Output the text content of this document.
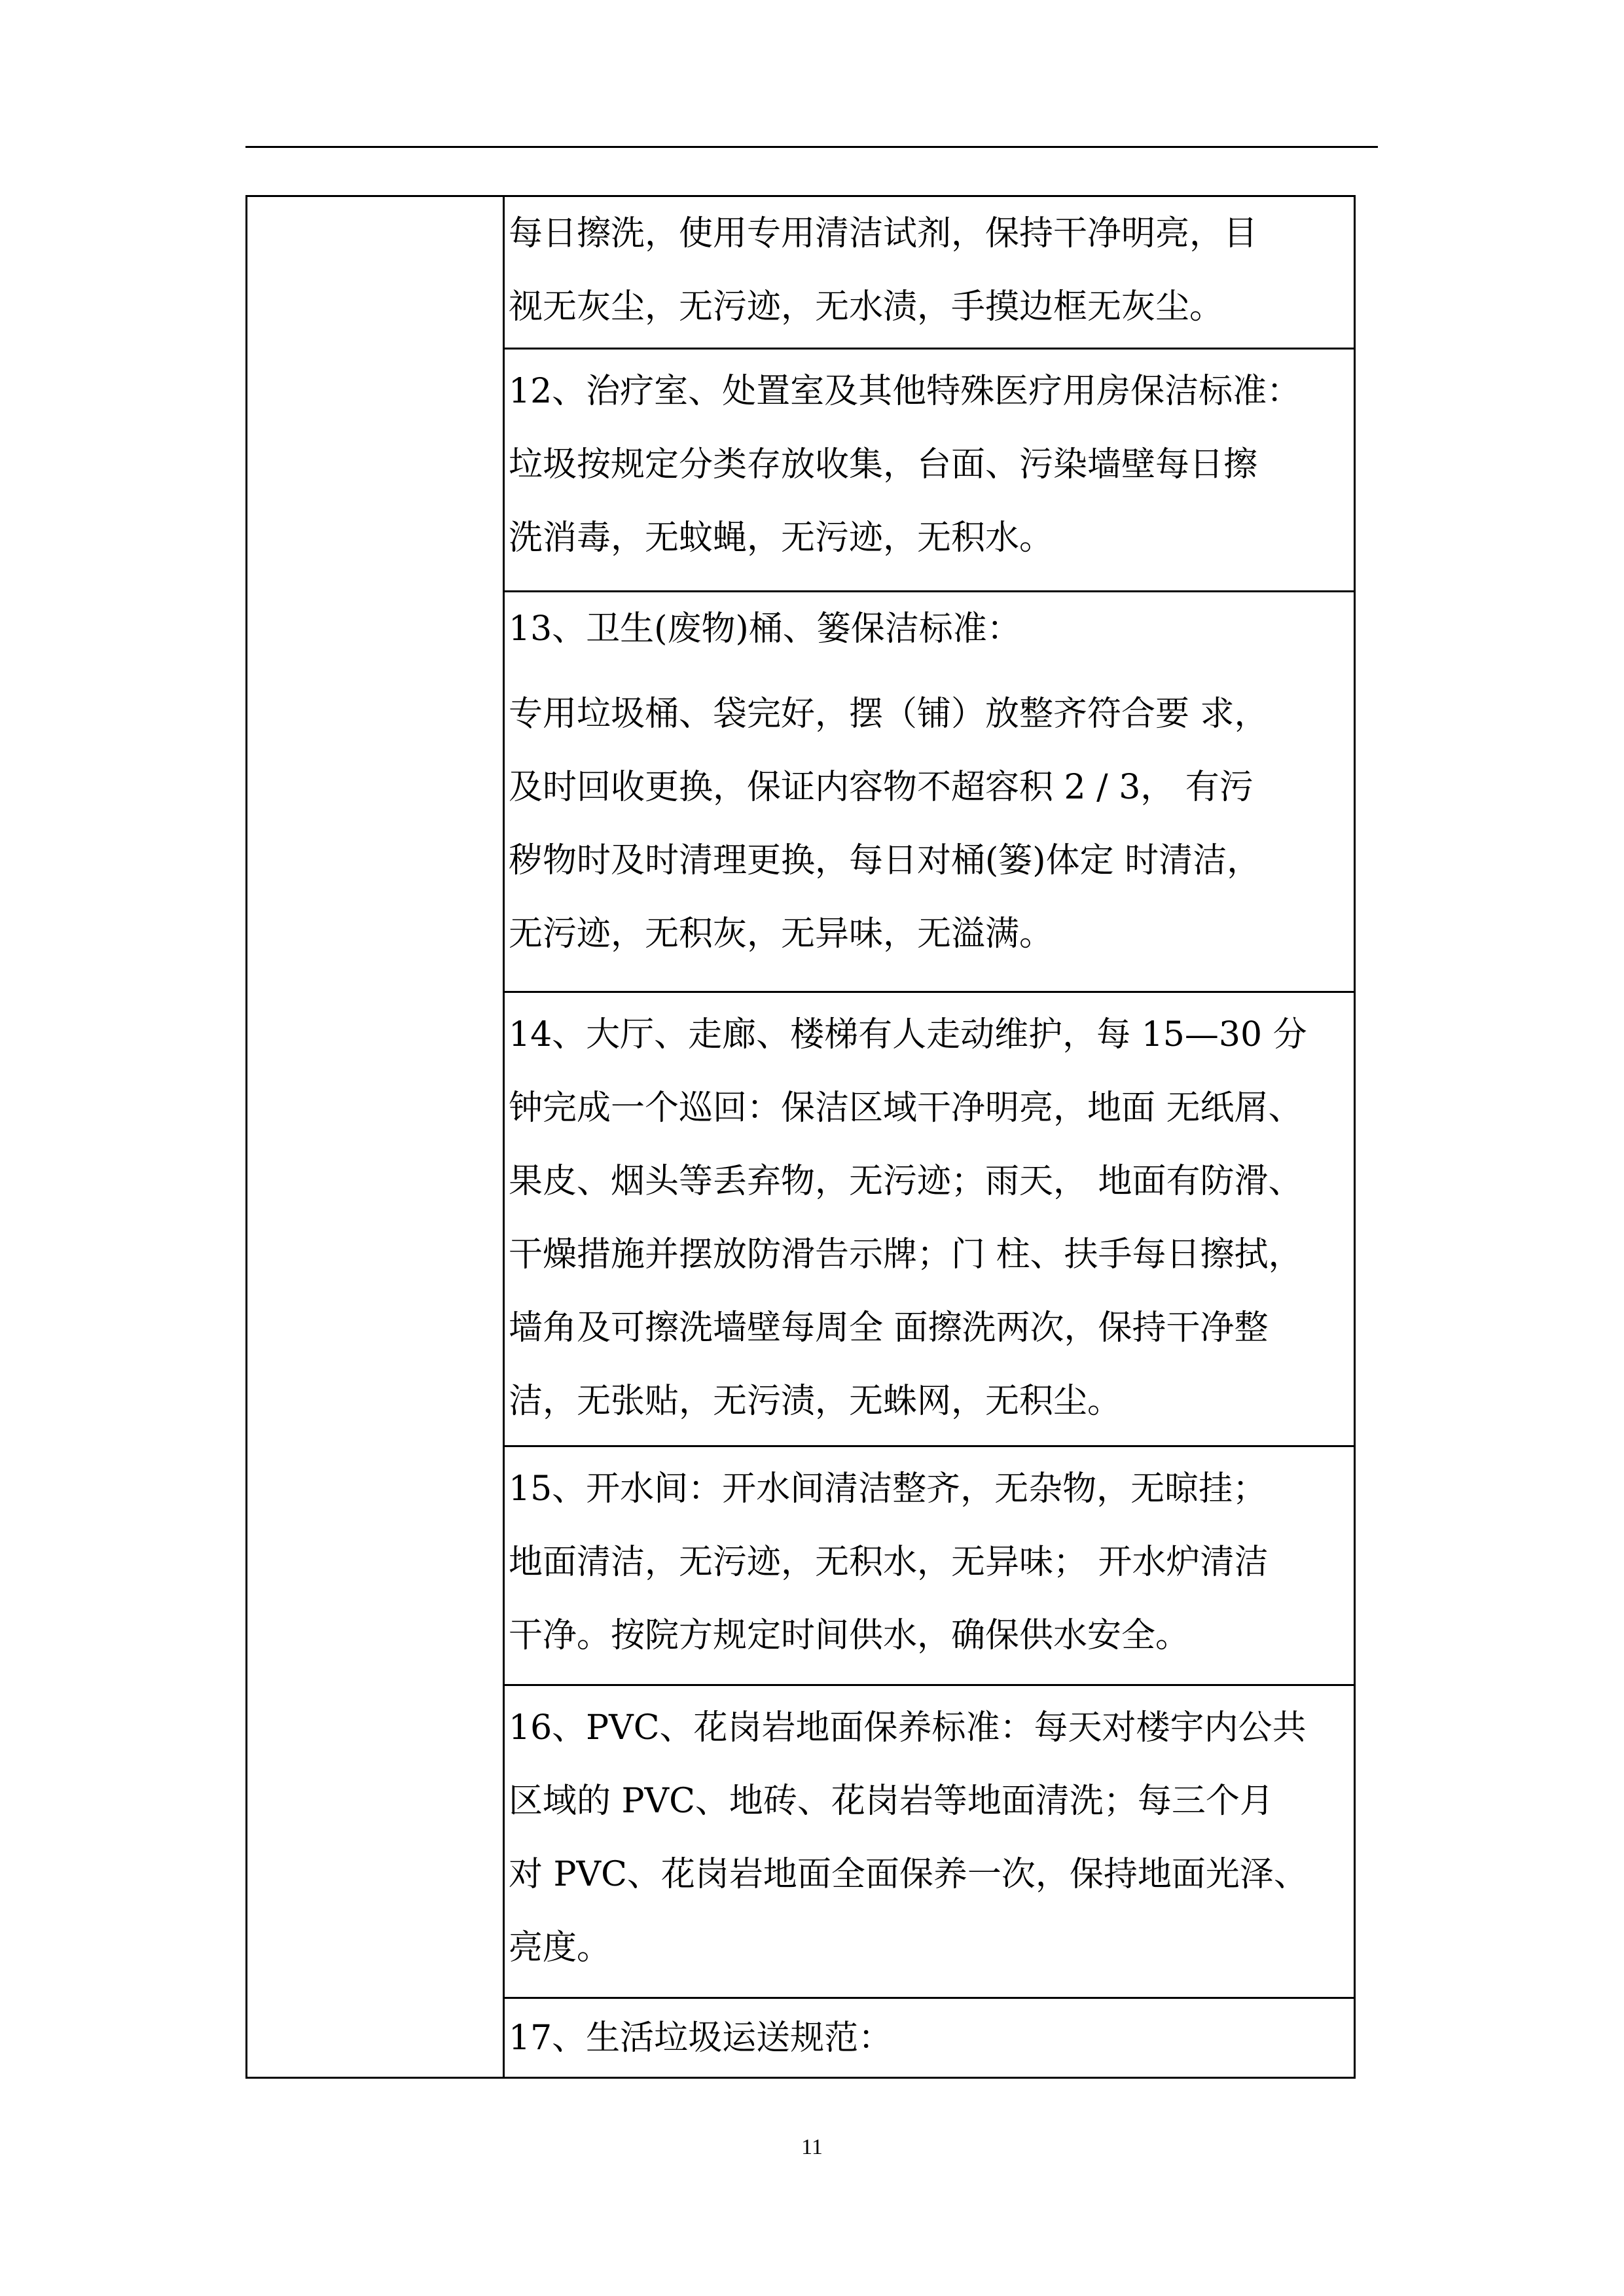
每日擦洗，使用专用清洁试剂，保持干净明亮，目

视无灰尘，无污迹，无水渍，手摸边框无灰尘。

12、治疗室、处置室及其他特殊医疗用房保洁标准：

垃圾按规定分类存放收集，台面、污染墙壁每日擦

洗消毒，无蚊蝇，无污迹，无积水。

13、卫生(废物)桶、篓保洁标准：

专用垃圾桶、袋完好，摆（铺）放整齐符合要 求，

及时回收更换，保证内容物不超容积 2 / 3， 有污

秽物时及时清理更换，每日对桶(篓)体定 时清洁，

无污迹，无积灰，无异味，无溢满。

14、大厅、走廊、楼梯有人走动维护，每 15—30 分

钟完成一个巡回：保洁区域干净明亮，地面 无纸屑、

果皮、烟头等丢弃物，无污迹；雨天， 地面有防滑、

干燥措施并摆放防滑告示牌；门 柱、扶手每日擦拭，

墙角及可擦洗墙壁每周全 面擦洗两次，保持干净整

洁，无张贴，无污渍，无蛛网，无积尘。

15、开水间：开水间清洁整齐，无杂物，无晾挂；

地面清洁，无污迹，无积水，无异味； 开水炉清洁

干净。按院方规定时间供水，确保供水安全。

16、PVC、花岗岩地面保养标准：每天对楼宇内公共

区域的 PVC、地砖、花岗岩等地面清洗；每三个月

对 PVC、花岗岩地面全面保养一次，保持地面光泽、

亮度。

17、生活垃圾运送规范：

11
